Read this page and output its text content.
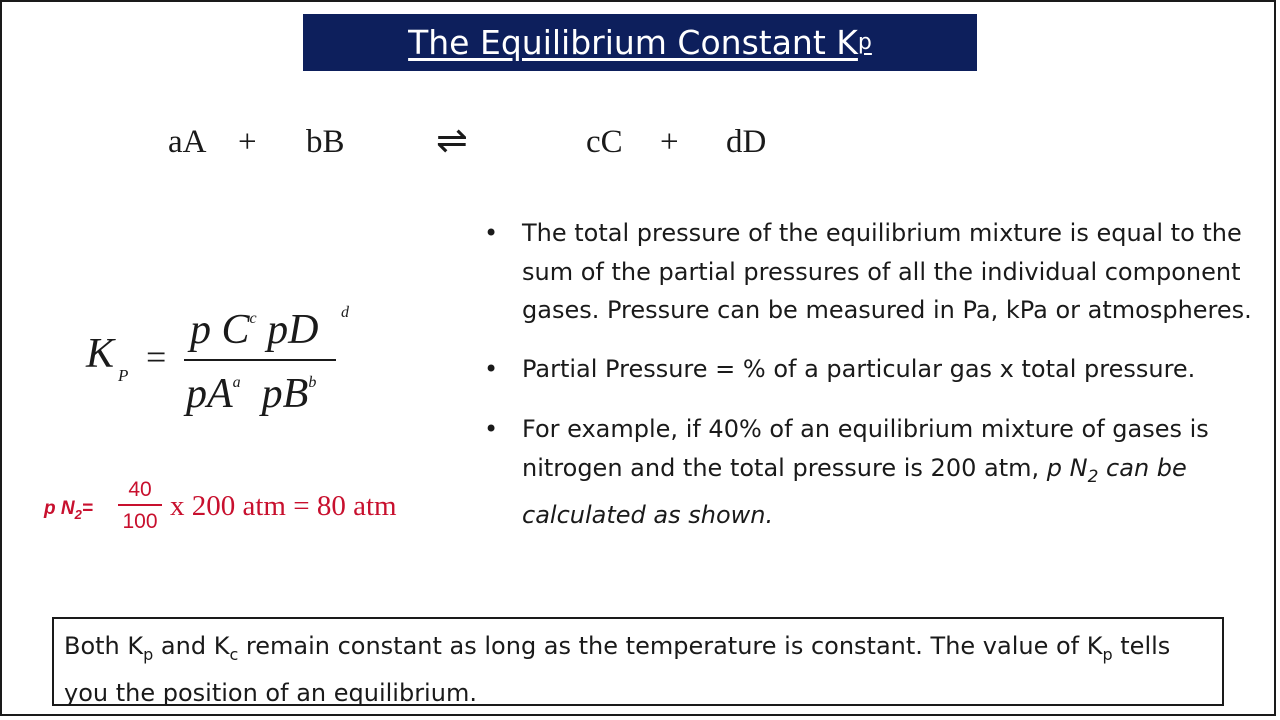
The Equilibrium Constant K p
aA + bB ⇌	cC + dD
K P =
p $C^c$ pD d
$pA^a$ $pB^b$
p $N_2=$
40
100 x 200 atm = 80 atm
• The total pressure of the equilibrium mixture is equal to the sum of the partial pressures of all the individual component gases. Pressure can be measured in Pa, kPa or atmospheres.
• Partial Pressure = % of a particular gas x total pressure.
• For example, if 40% of an equilibrium mixture of gases is nitrogen and the total pressure is 200 atm, p $N_2$ can be calculated as shown.
Both $K_p$ and $K_c$ remain constant as long as the temperature is constant. The value of $K_p$ tells you the position of an equilibrium.
